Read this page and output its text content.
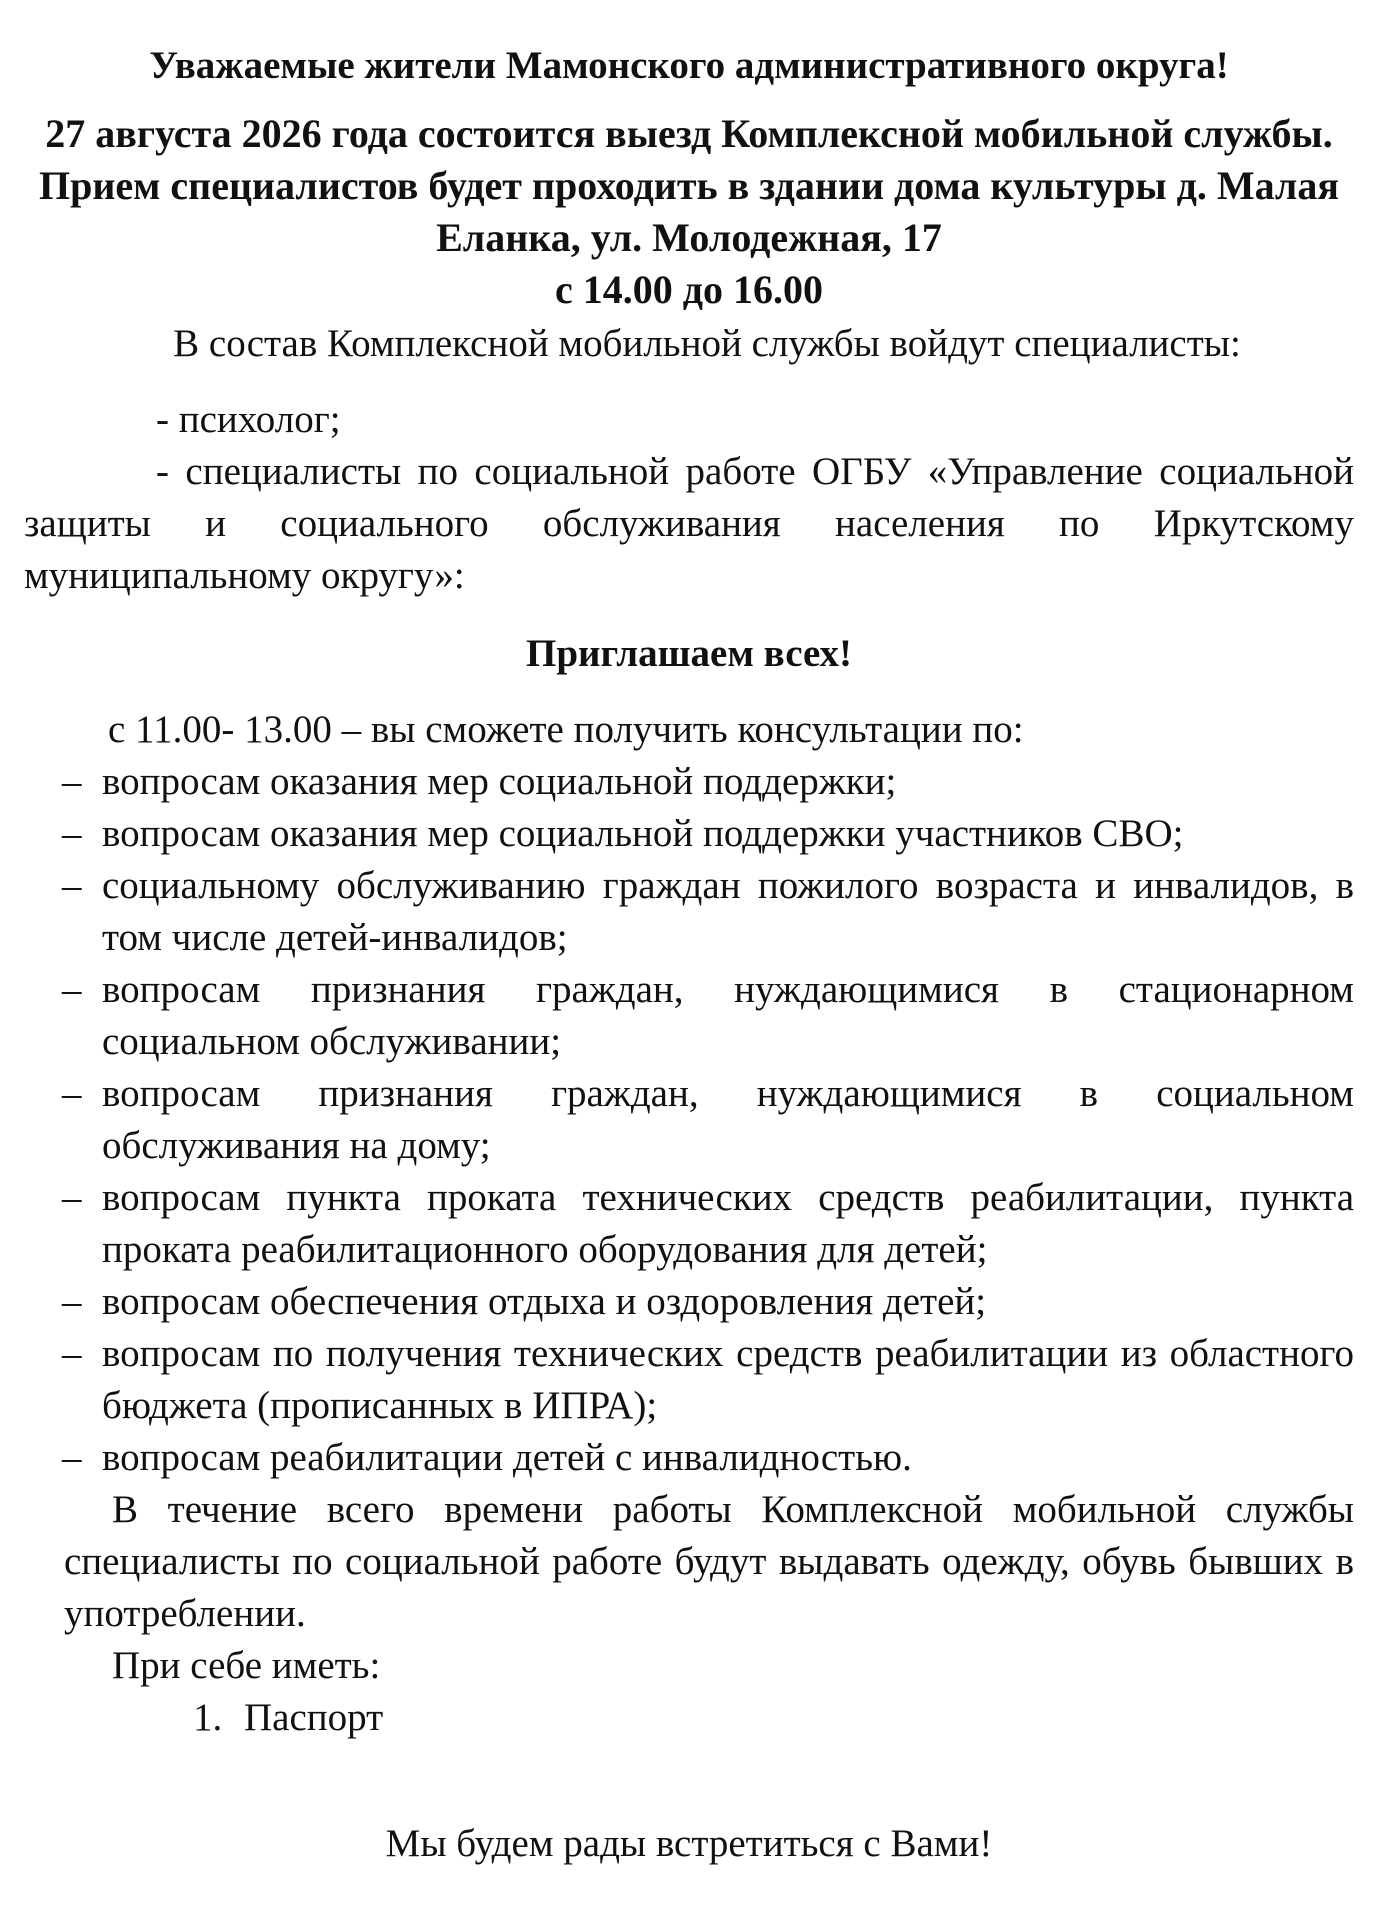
Уважаемые жители Мамонского административного округа!

27 августа 2026 года состоится выезд Комплексной мобильной службы.

Прием специалистов будет проходить в здании дома культуры д. Малая Еланка, ул. Молодежная, 17

с 14.00 до 16.00

В состав Комплексной мобильной службы войдут специалисты:

- психолог;

- специалисты по социальной работе ОГБУ «Управление социальной защиты и социального обслуживания населения по Иркутскому муниципальному округу»:

Приглашаем всех!

с 11.00- 13.00 – вы сможете получить консультации по:

– вопросам оказания мер социальной поддержки;
– вопросам оказания мер социальной поддержки участников СВО;
– социальному обслуживанию граждан пожилого возраста и инвалидов, в том числе детей-инвалидов;
– вопросам признания граждан, нуждающимися в стационарном социальном обслуживании;
– вопросам признания граждан, нуждающимися в социальном обслуживания на дому;
– вопросам пункта проката технических средств реабилитации, пункта проката реабилитационного оборудования для детей;
– вопросам обеспечения отдыха и оздоровления детей;
– вопросам по получения технических средств реабилитации из областного бюджета (прописанных в ИПРА);
– вопросам реабилитации детей с инвалидностью.

В течение всего времени работы Комплексной мобильной службы специалисты по социальной работе будут выдавать одежду, обувь бывших в употреблении.

При себе иметь:

1. Паспорт

Мы будем рады встретиться с Вами!
